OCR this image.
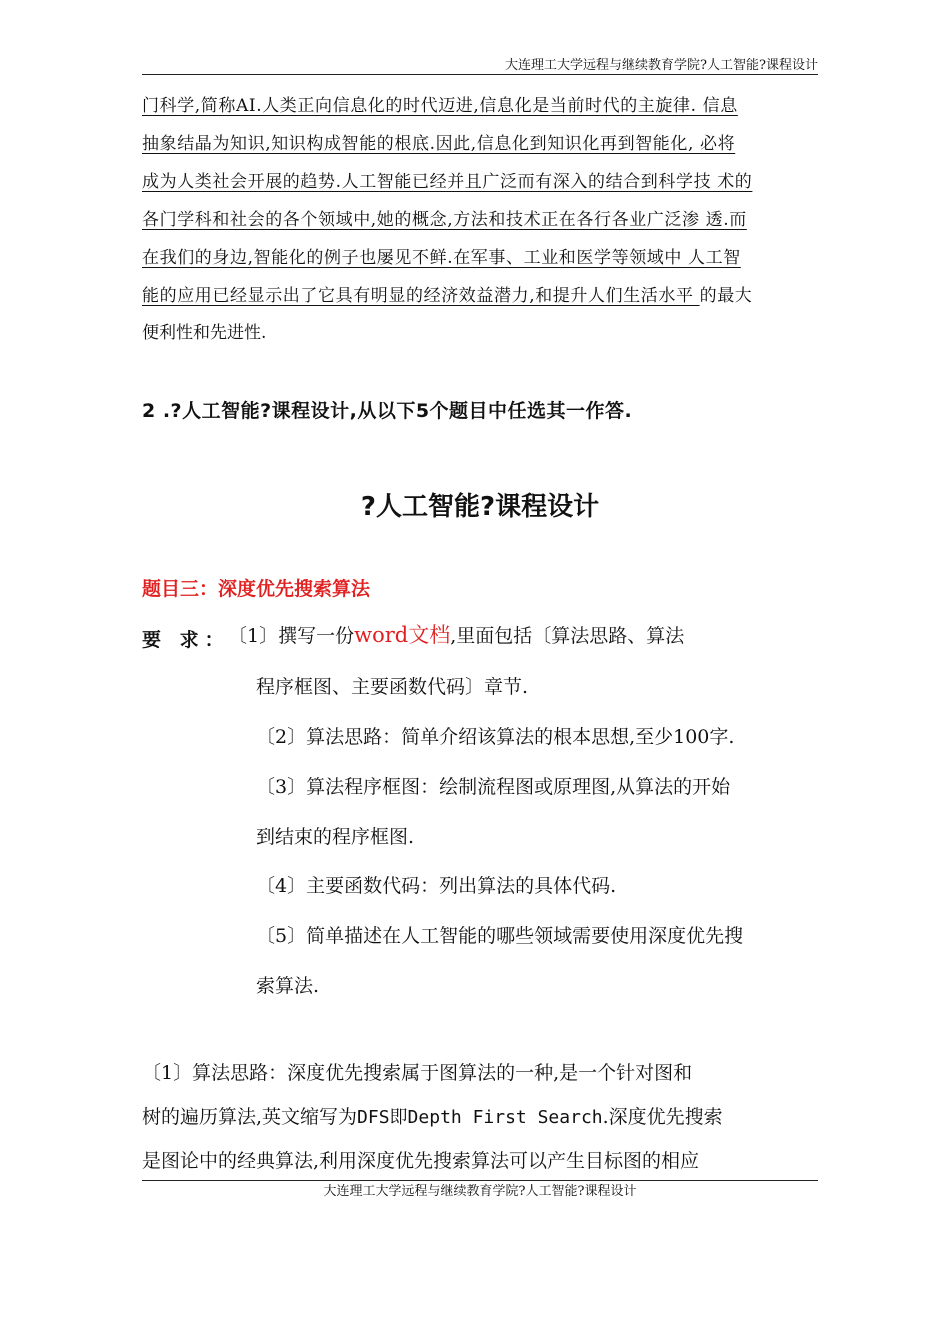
大连理工大学远程与继续教育学院?人工智能?课程设计
门科学,简称AI.人类正向信息化的时代迈进,信息化是当前时代的主旋律. 信息
抽象结晶为知识,知识构成智能的根底.因此,信息化到知识化再到智能化, 必将
成为人类社会开展的趋势.人工智能已经并且广泛而有深入的结合到科学技 术的
各门学科和社会的各个领域中,她的概念,方法和技术正在各行各业广泛渗 透.而
在我们的身边,智能化的例子也屡见不鲜.在军事、工业和医学等领域中 人工智
能的应用已经显示出了它具有明显的经济效益潜力,和提升人们生活水平 的最大
便利性和先进性.
2 .?人工智能?课程设计,从以下5个题目中任选其一作答.
?人工智能?课程设计
题目三：深度优先搜索算法
要 求：
〔1〕撰写一份word文档,里面包括〔算法思路、算法
程序框图、主要函数代码〕章节.
〔2〕算法思路：简单介绍该算法的根本思想,至少100字.
〔3〕算法程序框图：绘制流程图或原理图,从算法的开始
到结束的程序框图.
〔4〕主要函数代码：列出算法的具体代码.
〔5〕简单描述在人工智能的哪些领域需要使用深度优先搜
索算法.
〔1〕算法思路：深度优先搜索属于图算法的一种,是一个针对图和
树的遍历算法,英文缩写为DFS即Depth First Search.深度优先搜索
是图论中的经典算法,利用深度优先搜索算法可以产生目标图的相应
大连理工大学远程与继续教育学院?人工智能?课程设计
